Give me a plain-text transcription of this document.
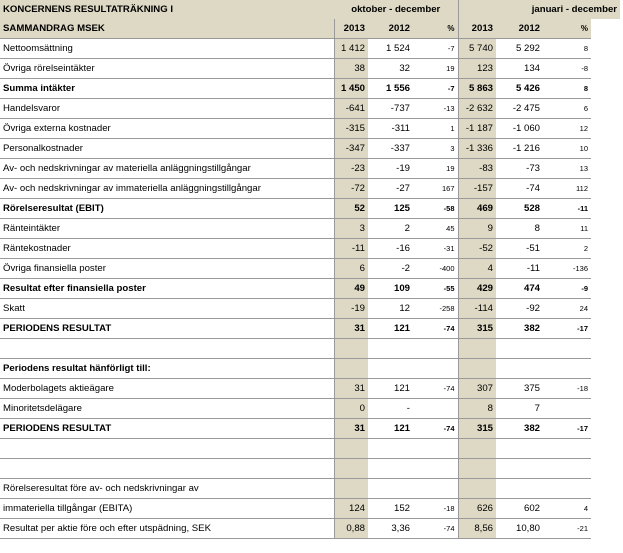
KONCERNENS RESULTATRÄKNING I	oktober - december				januari - december	
SAMMANDRAG MSEK	2013	2012	%	2013	2012	%
Nettoomsättning	1 412	1 524	-7	5 740	5 292	8
Övriga rörelseintäkter	38	32	19	123	134	-8
Summa intäkter	1 450	1 556	-7	5 863	5 426	8
Handelsvaror	-641	-737	-13	-2 632	-2 475	6
Övriga externa kostnader	-315	-311	1	-1 187	-1 060	12
Personalkostnader	-347	-337	3	-1 336	-1 216	10
Av- och nedskrivningar av materiella anläggningstillgångar	-23	-19	19	-83	-73	13
Av- och nedskrivningar av immateriella anläggningstillgångar	-72	-27	167	-157	-74	112
Rörelseresultat (EBIT)	52	125	-58	469	528	-11
Ränteintäkter	3	2	45	9	8	11
Räntekostnader	-11	-16	-31	-52	-51	2
Övriga finansiella poster	6	-2	-400	4	-11	-136
Resultat efter finansiella poster	49	109	-55	429	474	-9
Skatt	-19	12	-258	-114	-92	24
PERIODENS RESULTAT	31	121	-74	315	382	-17

Periodens resultat hänförligt till:						
Moderbolagets aktieägare	31	121	-74	307	375	-18
Minoritetsdelägare	0	-		8	7	
PERIODENS RESULTAT	31	121	-74	315	382	-17

Rörelseresultat före av- och nedskrivningar av						
immateriella tillgångar (EBITA)	124	152	-18	626	602	4
Resultat per aktie före och efter utspädning, SEK	0,88	3,36	-74	8,56	10,80	-21
